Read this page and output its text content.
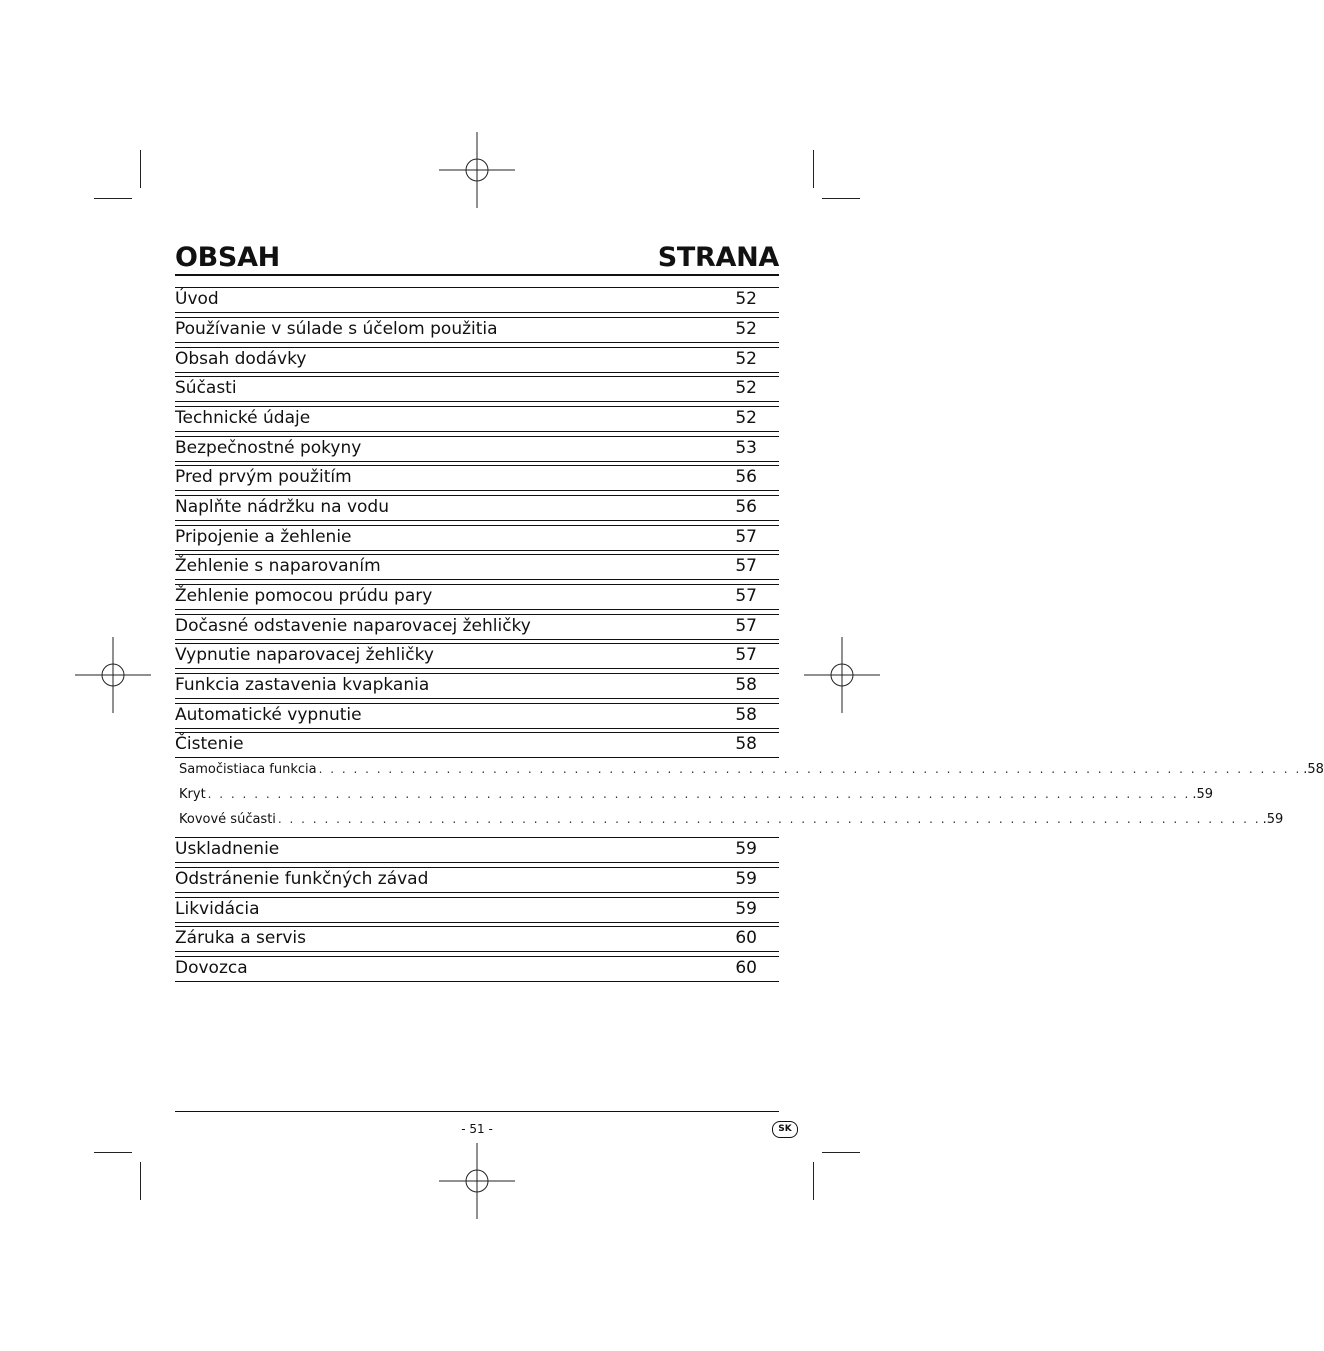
OBSAH	STRANA
Úvod	52
Používanie v súlade s účelom použitia	52
Obsah dodávky	52
Súčasti	52
Technické údaje	52
Bezpečnostné pokyny	53
Pred prvým použitím	56
Naplňte nádržku na vodu	56
Pripojenie a žehlenie	57
Žehlenie s naparovaním	57
Žehlenie pomocou prúdu pary	57
Dočasné odstavenie naparovacej žehličky	57
Vypnutie naparovacej žehličky	57
Funkcia zastavenia kvapkania	58
Automatické vypnutie	58
Čistenie	58
Samočistiaca funkcia . . . . . . . . . . . . . . . . . . . . . . . . . . . . . . . . . . . . . . . . . . . . . . . . . . . . . . . . . . . . . . . . . . . . . . . . . . . . . . . . . . . . . .58
Kryt . . . . . . . . . . . . . . . . . . . . . . . . . . . . . . . . . . . . . . . . . . . . . . . . . . . . . . . . . . . . . . . . . . . . . . . . . . . . . . . . . . . . . .59
Kovové súčasti . . . . . . . . . . . . . . . . . . . . . . . . . . . . . . . . . . . . . . . . . . . . . . . . . . . . . . . . . . . . . . . . . . . . . . . . . . . . . . . . . . . . . .59
Uskladnenie	59
Odstránenie funkčných závad	59
Likvidácia	59
Záruka a servis	60
Dovozca	60
- 51 -	SK
